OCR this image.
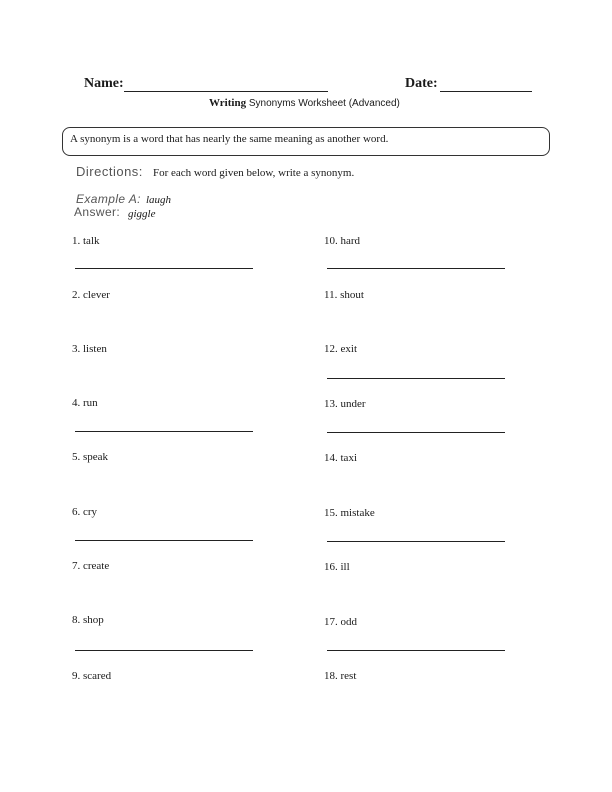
Name:	Date:
Writing Synonyms Worksheet (Advanced)
A synonym is a word that has nearly the same meaning as another word.
Directions: For each word given below, write a synonym.
Example A: laugh
Answer: giggle
1. talk
2. clever
3. listen
4. run
5. speak
6. cry
7. create
8. shop
9. scared
10. hard
11. shout
12. exit
13. under
14. taxi
15. mistake
16. ill
17. odd
18. rest
